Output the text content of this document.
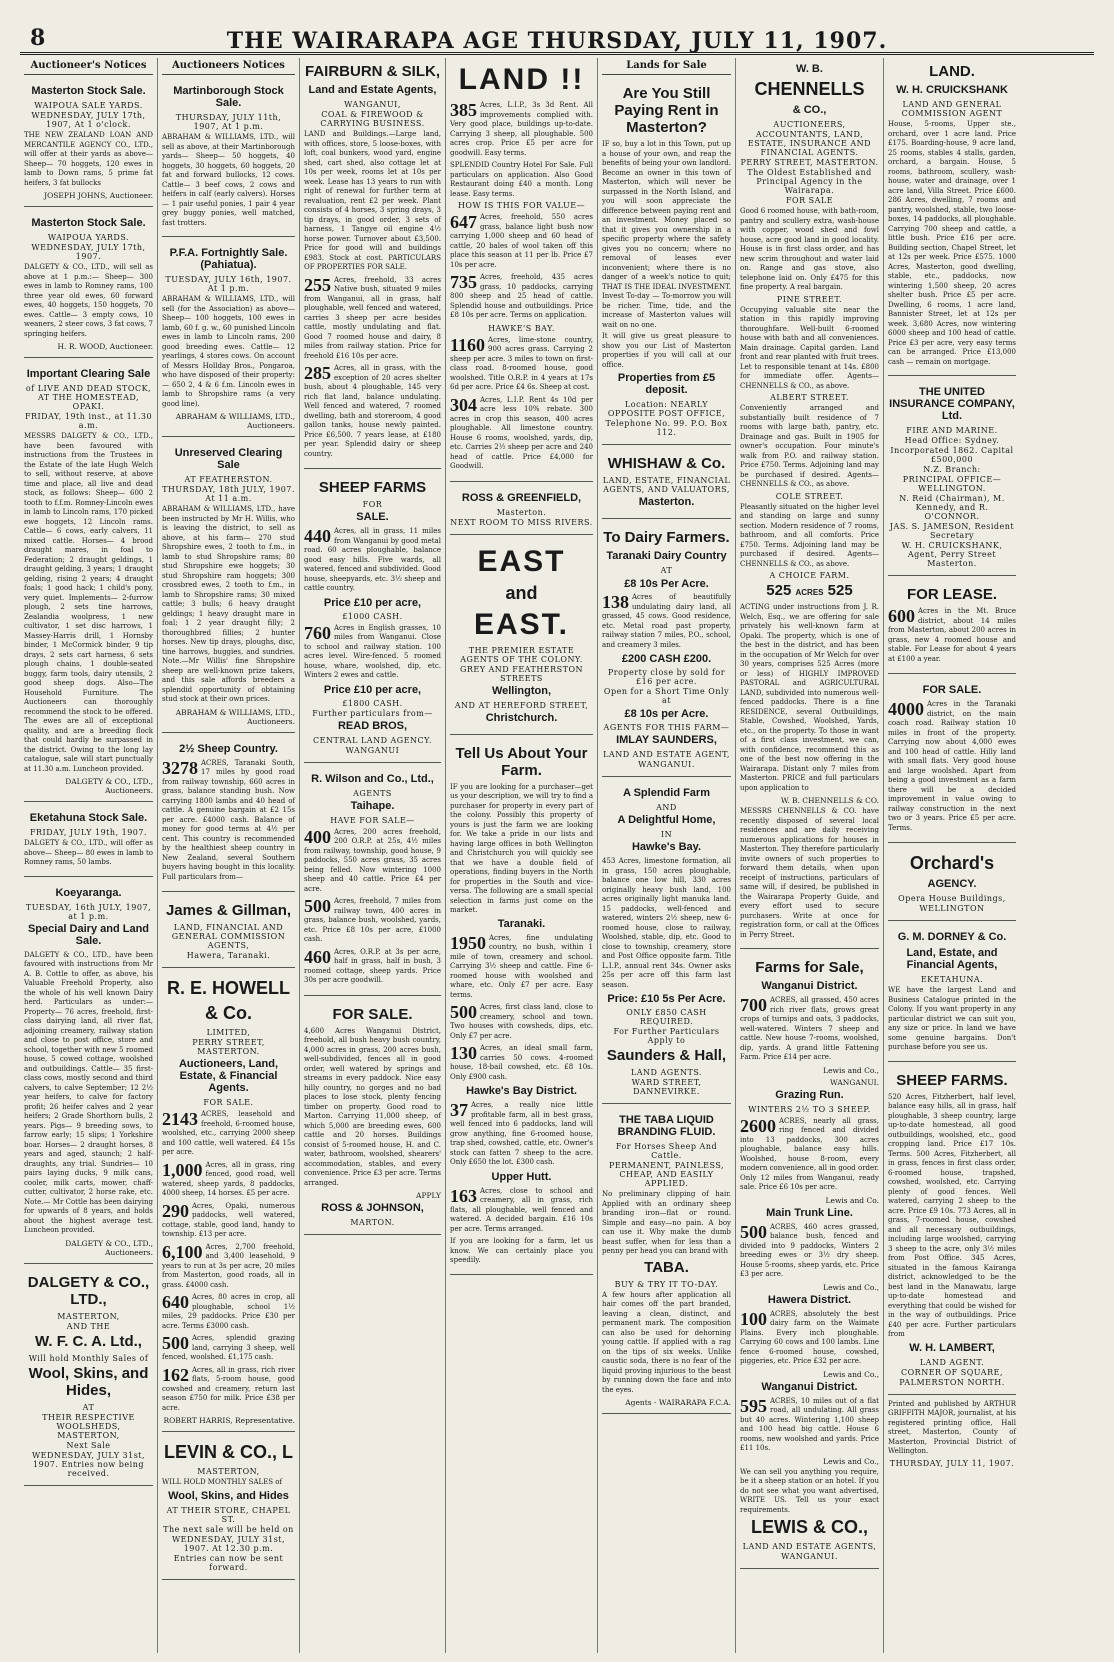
8	THE WAIRARAPA AGE THURSDAY, JULY 11, 1907.
Auctioneer's Notices
Masterton Stock Sale.
WAIPOUA SALE YARDS.
WEDNESDAY, JULY 17th, 1907, At 1 o'clock.
THE NEW ZEALAND LOAN AND MERCANTILE AGENCY CO., LTD., will offer at their yards as above— Sheep— 70 hoggets, 120 ewes in lamb to Down rams, 5 prime fat heifers, 3 fat bullocks
JOSEPH JOHNS, Auctioneer.
Masterton Stock Sale.
WAIPOUA YARDS.
WEDNESDAY, JULY 17th, 1907.
DALGETY & CO., LTD., will sell as above at 1 p.m.:— Sheep— 300 ewes in lamb to Romney rams, 100 three year old ewes, 60 forward ewes, 40 hoggets, 150 hoggets, 70 ewes. Cattle— 3 empty cows, 10 weaners, 2 steer cows, 3 fat cows, 7 springing heifers.
H. R. WOOD, Auctioneer.
Important Clearing Sale
of LIVE AND DEAD STOCK, AT THE HOMESTEAD, OPAKI.
FRIDAY, 19th inst., at 11.30 a.m.
MESSRS DALGETY & CO., LTD., have been favoured with instructions from the Trustees in the Estate of the late Hugh Welch to sell, without reserve, at above time and place, all live and dead stock, as follows: Sheep— 600 2 tooth to f.f.m. Romney-Lincoln ewes in lamb to Lincoln rams, 170 picked ewe hoggets, 12 Lincoln rams. Cattle— 6 cows, early calvers, 11 mixed cattle. Horses— 4 brood draught mares, in foal to Federation; 2 draught geldings, 1 draught gelding, 3 years; 1 draught gelding, rising 2 years; 4 draught foals; 1 good hack; 1 child's pony, very quiet. Implements— 2-furrow plough, 2 sets tine harrows, Zealandia woolpress, 1 new cultivator, 1 set disc harrows, 1 Massey-Harris drill, 1 Hornsby binder, 1 McCormick binder, 9 tip drays, 2 sets cart harness, 6 sets plough chains, 1 double-seated buggy, farm tools, dairy utensils, 2 good sheep dogs. Also—The Household Furniture. The Auctioneers can thoroughly recommend the stock to be offered. The ewes are all of exceptional quality, and are a breeding flock that could hardly be surpassed in the district. Owing to the long lay catalogue, sale will start punctually at 11.30 a.m. Luncheon provided.
DALGETY & CO., LTD., Auctioneers.
Eketahuna Stock Sale.
FRIDAY, JULY 19th, 1907.
DALGETY & CO., LTD., will offer as above— Sheep— 80 ewes in lamb to Romney rams, 50 lambs.
Koeyaranga.
TUESDAY, 16th JULY, 1907, at 1 p.m.
Special Dairy and Land Sale.
DALGETY & CO., LTD., have been favoured with instructions from Mr A. B. Cottle to offer, as above, his Valuable Freehold Property, also the whole of his well known Dairy herd. Particulars as under:— Property— 76 acres, freehold, first-class dairying land, all river flat, adjoining creamery, railway station and close to post office, store and school, together with new 5 roomed house, 5 cowed cottage, woolshed and outbuildings. Cattle— 35 first-class cows, mostly second and third calvers, to calve September; 12 2½ year heifers, to calve for factory profit; 26 heifer calves and 2 year heifers; 2 Grade Shorthorn bulls, 2 years. Pigs— 9 breeding sows, to farrow early; 15 slips; 1 Yorkshire boar. Horses— 2 draught horses, 8 years and aged, staunch; 2 half-draughts, any trial. Sundries— 10 pairs laying ducks, 9 milk cans, cooler, milk carts, mower, chaff-cutter, cultivator, 2 horse rake, etc. Note.— Mr Cottle has been dairying for upwards of 8 years, and holds about the highest average test. Luncheon provided.
DALGETY & CO., LTD., Auctioneers.
DALGETY & CO., LTD.,
MASTERTON,
AND THE
W. F. C. A. Ltd.,
Will hold Monthly Sales of
Wool, Skins, and Hides,
AT
THEIR RESPECTIVE WOOLSHEDS, MASTERTON,
Next Sale
WEDNESDAY, JULY 31st, 1907. Entries now being received.
Auctioneers Notices
Martinborough Stock Sale.
THURSDAY, JULY 11th, 1907, At 1 p.m.
ABRAHAM & WILLIAMS, LTD., will sell as above, at their Martinborough yards— Sheep— 50 hoggets, 40 hoggets, 30 hoggets, 60 hoggets, 20 fat and forward bullocks, 12 cows. Cattle— 3 beef cows, 2 cows and heifers in calf (early calvers). Horses— 1 pair useful ponies, 1 pair 4 year grey buggy ponies, well matched, fast trotters.
P.F.A. Fortnightly Sale. (Pahiatua).
TUESDAY, JULY 16th, 1907. At 1 p.m.
ABRAHAM & WILLIAMS, LTD., will sell (for the Association) as above— Sheep— 100 hoggets, 100 ewes in lamb, 60 f. g. w., 60 punished Lincoln ewes in lamb to Lincoln rams, 200 good breeding ewes. Cattle— 12 yearlings, 4 stores cows. On account of Messrs Hollday Bros., Pongaroa, who have disposed of their property:— 650 2, 4 & 6 f.m. Lincoln ewes in lamb to Shropshire rams (a very good line).
ABRAHAM & WILLIAMS, LTD., Auctioneers.
Unreserved Clearing Sale
AT FEATHERSTON.
THURSDAY, 18th JULY, 1907. At 11 a.m.
ABRAHAM & WILLIAMS, LTD., have been instructed by Mr H. Willis, who is leaving the district, to sell as above, at his farm— 270 stud Shropshire ewes, 2 tooth to f.m., in lamb to stud Shropshire rams; 80 stud Shropshire ewe hoggets; 30 stud Shropshire ram hoggets; 300 crossbred ewes, 2 tooth to f.m., in lamb to Shropshire rams; 30 mixed cattle; 3 bulls; 6 heavy draught geldings; 1 heavy draught mare in foal; 1 2 year draught filly; 2 thoroughbred fillies; 2 hunter horses. New tip drays, ploughs, disc, tine harrows, buggies, and sundries. Note.—Mr Willis' fine Shropshire sheep are well-known prize takers, and this sale affords breeders a splendid opportunity of obtaining stud stock at their own prices.
ABRAHAM & WILLIAMS, LTD., Auctioneers.
2½ Sheep Country.
3278 ACRES, Taranaki South, 17 miles by good road from railway township, 660 acres in grass, balance standing bush. Now carrying 1800 lambs and 40 head of cattle. A genuine bargain at £2 15s per acre. £4000 cash. Balance of money for good terms at 4½ per cent. This country is recommended by the healthiest sheep country in New Zealand, several Southern buyers having bought in this locality. Full particulars from—
James & Gillman,
LAND, FINANCIAL AND GENERAL COMMISSION AGENTS,
Hawera, Taranaki.
R. E. HOWELL
& Co.
LIMITED,
PERRY STREET, MASTERTON.
Auctioneers, Land, Estate, & Financial Agents.
FOR SALE.
2143 ACRES, leasehold and freehold, 6-roomed house, woolshed, etc., carrying 2000 sheep and 100 cattle, well watered. £4 15s per acre.
1,000 Acres, all in grass, ring fenced, good road, well watered, sheep yards, 8 paddocks, 4000 sheep, 14 horses. £5 per acre.
290 Acres, Opaki, numerous paddocks, well watered, cottage, stable, good land, handy to township. £13 per acre.
6,100 Acres, 2,700 freehold, and 3,400 leasehold, 9 years to run at 3s per acre, 20 miles from Masterton, good roads, all in grass. £4000 cash.
640 Acres, 80 acres in crop, all ploughable, school 1½ miles, 29 paddocks. Price £30 per acre. Terms £3000 cash.
500 Acres, splendid grazing land, carrying 3 sheep, well fenced, woolshed. £1,175 cash.
162 Acres, all in grass, rich river flats, 5-room house, good cowshed and creamery, return last season £750 for milk. Price £38 per acre.
ROBERT HARRIS, Representative.
LEVIN & CO., L
MASTERTON,
WILL HOLD MONTHLY SALES of
Wool, Skins, and Hides
AT THEIR STORE, CHAPEL ST.
The next sale will be held on
WEDNESDAY, JULY 31st, 1907. At 12.30 p.m.
Entries can now be sent forward.
FAIRBURN & SILK,
Land and Estate Agents,
WANGANUI,
COAL & FIREWOOD & CARRYING BUSINESS.
LAND and Buildings.—Large land, with offices, store, 5 loose-boxes, with loft, coal bunkers, wood yard, engine shed, cart shed, also cottage let at 10s per week, rooms let at 10s per week. Lease has 13 years to run with right of renewal for further term at revaluation, rent £2 per week. Plant consists of 4 horses, 3 spring drays, 3 tip drays, in good order, 3 sets of harness, 1 Tangye oil engine 4½ horse power. Turnover about £3,500. Price for good will and buildings £983. Stock at cost. PARTICULARS OF PROPERTIES FOR SALE.
255 Acres, freehold, 33 acres Native bush, situated 9 miles from Wanganui, all in grass, half ploughable, well fenced and watered, carries 3 sheep per acre besides cattle, mostly undulating and flat. Good 7 roomed house and dairy, 8 miles from railway station. Price for freehold £16 10s per acre.
285 Acres, all in grass, with the exception of 20 acres shelter bush, about 4 ploughable, 145 very rich flat land, balance undulating. Well fenced and watered, 7 roomed dwelling, bath and storeroom, 4 good gallon tanks, house newly painted. Price £6,500. 7 years lease, at £180 per year. Splendid dairy or sheep country.
SHEEP FARMS
FOR
SALE.
440 Acres, all in grass, 11 miles from Wanganui by good metal road. 60 acres ploughable, balance good easy hills. Five wards, all watered, fenced and subdivided. Good house, sheepyards, etc. 3½ sheep and cattle country.
Price £10 per acre,
£1000 CASH.
760 Acres in English grasses, 10 miles from Wanganui. Close to school and railway station. 100 acres level. Wire-fenced. 5 roomed house, whare, woolshed, dip, etc. Winters 2 ewes and cattle.
Price £10 per acre,
£1800 CASH.
Further particulars from—
READ BROS,
CENTRAL LAND AGENCY.
WANGANUI
R. Wilson and Co., Ltd.,
AGENTS
Taihape.
HAVE FOR SALE—
400 Acres, 200 acres freehold, 200 O.R.P. at 25s, 4½ miles from railway, township, good house, 9 paddocks, 550 acres grass, 35 acres being felled. Now wintering 1000 sheep and 40 cattle. Price £4 per acre.
500 Acres, freehold, 7 miles from railway town, 400 acres in grass, balance bush, woolshed, yards, etc. Price £8 10s per acre, £1000 cash.
460 Acres, O.R.P. at 3s per acre, half in grass, half in bush, 3 roomed cottage, sheep yards. Price 30s per acre goodwill.
FOR SALE.
4,600 Acres Wanganui District, freehold, all bush heavy bush country, 4,000 acres in grass, 200 acres bush, well-subdivided, fences all in good order, well watered by springs and streams in every paddock. Nice easy hilly country, no gorges and no bad places to lose stock, plenty fencing timber on property. Good road to Marton. Carrying 11,000 sheep, of which 5,000 are breeding ewes, 600 cattle and 20 horses. Buildings consist of 5-roomed house, H. and C. water, bathroom, woolshed, shearers' accommodation, stables, and every convenience. Price £3 per acre. Terms arranged.
APPLY
ROSS & JOHNSON,
MARTON.
LAND !!
385 Acres, L.I.P., 3s 3d Rent. All improvements complied with. Very good place, buildings up-to-date. Carrying 3 sheep, all ploughable. 500 acres crop. Price £5 per acre for goodwill. Easy terms.
SPLENDID Country Hotel For Sale. Full particulars on application. Also Good Restaurant doing £40 a month. Long lease. Easy terms.
HOW IS THIS FOR VALUE—
647 Acres, freehold, 550 acres grass, balance light bush now carrying 1,000 sheep and 60 head of cattle, 20 bales of wool taken off this place this season at 11 per lb. Price £7 10s per acre.
735 Acres, freehold, 435 acres grass, 10 paddocks, carrying 800 sheep and 25 head of cattle. Splendid house and outbuildings. Price £8 10s per acre. Terms on application.
HAWKE'S BAY.
1160 Acres, lime-stone country, 900 acres grass. Carrying 2 sheep per acre. 3 miles to town on first-class road. 8-roomed house, good woolshed. Title O.R.P. in 4 years at 17s 6d per acre. Price £4 6s. Sheep at cost.
304 Acres, L.I.P. Rent 4s 10d per acre less 10% rebate. 300 acres in crop this season, 400 acres ploughable. All limestone country. House 6 rooms, woolshed, yards, dip, etc. Carries 2½ sheep per acre and 240 head of cattle. Price £4,000 for Goodwill.
ROSS & GREENFIELD,
Masterton.
NEXT ROOM TO MISS RIVERS.
EAST
and
EAST.
THE PREMIER ESTATE AGENTS OF THE COLONY.
GREY AND FEATHERSTON STREETS
Wellington,
AND AT HEREFORD STREET,
Christchurch.
Tell Us About Your Farm.
IF you are looking for a purchaser—get us your description, we will try to find a purchaser for property in every part of the colony. Possibly this property of yours is just the farm we are looking for. We take a pride in our lists and having large offices in both Wellington and Christchurch you will quickly see that we have a double field of operations, finding buyers in the North for properties in the South and vice-versa. The following are a small special selection in farms just come on the market.
Taranaki.
1950 Acres, fine undulating country, no bush, within 1 mile of town, creamery and school. Carrying 3½ sheep and cattle. Fine 6-roomed house with woolshed and whare, etc. Only £7 per acre. Easy terms.
500 Acres, first class land, close to creamery, school and town. Two houses with cowsheds, dips, etc. Only £7 per acre.
130 Acres, an ideal small farm, carries 50 cows. 4-roomed house, 18-bail cowshed, etc. £8 10s. Only £900 cash.
Hawke's Bay District.
37 Acres, a really nice little profitable farm, all in best grass, well fenced into 6 paddocks, land will grow anything, fine 6-roomed house, trap shed, cowshed, cattle, etc. Owner's stock can fatten 7 sheep to the acre. Only £650 the lot. £300 cash.
Upper Hutt.
163 Acres, close to school and creamery, all in grass, rich flats, all ploughable, well fenced and watered. A decided bargain. £16 10s per acre. Terms arranged.
If you are looking for a farm, let us know. We can certainly place you speedily.
Lands for Sale
Are You Still Paying Rent in Masterton?
IF so, buy a lot in this Town, put up a house of your own, and reap the benefits of being your own landlord. Become an owner in this town of Masterton, which will never be surpassed in the North Island, and you will soon appreciate the difference between paying rent and an investment. Money placed so that it gives you ownership in a specific property where the safety gives you no concern; where no removal of leases ever inconvenient; where there is no danger of a week's notice to quit; THAT IS THE IDEAL INVESTMENT. Invest To-day — To-morrow you will be richer. Time, tide, and the increase of Masterton values will wait on no one.
It will give us great pleasure to show you our List of Masterton properties if you will call at our office.
Properties from £5 deposit.
Location: NEARLY OPPOSITE POST OFFICE,
Telephone No. 99. P.O. Box 112.
WHISHAW & Co.
LAND, ESTATE, FINANCIAL AGENTS, AND VALUATORS,
Masterton.
To Dairy Farmers.
Taranaki Dairy Country
AT
£8 10s Per Acre.
138 Acres of beautifully undulating dairy land, all grassed, 45 cows. Good residence, etc. Metal road past property, railway station 7 miles, P.O., school, and creamery 3 miles.
£200 CASH £200.
Property close by sold for £16 per acre.
Open for a Short Time Only at
£8 10s per Acre.
AGENTS FOR THIS FARM—
IMLAY SAUNDERS,
LAND AND ESTATE AGENT,
WANGANUI.
A Splendid Farm
AND
A Delightful Home,
IN
Hawke's Bay.
453 Acres, limestone formation, all in grass, 150 acres ploughable, balance one low hill, 330 acres originally heavy bush land, 100 acres originally light manuka land. 15 paddocks, well-fenced and watered, winters 2½ sheep, new 6-roomed house, close to railway, Woolshed, stable, dip, etc. Good to close to township, creamery, store and Post Office opposite farm. Title L.I.P., annual rent 34s. Owner asks 25s per acre off this farm last season.
Price: £10 5s Per Acre.
ONLY £850 CASH REQUIRED.
For Further Particulars Apply to
Saunders & Hall,
LAND AGENTS.
WARD STREET, DANNEVIRKE.
THE TABA LIQUID BRANDING FLUID.
For Horses Sheep And Cattle.
PERMANENT, PAINLESS, CHEAP, AND EASILY APPLIED.
No preliminary clipping of hair. Applied with an ordinary sheep branding iron—flat or round. Simple and easy—no pain. A boy can use it. Why make the dumb beast suffer, when for less than a penny per head you can brand with
TABA.
BUY & TRY IT TO-DAY.
A few hours after application all hair comes off the part branded, leaving a clean, distinct, and permanent mark. The composition can also be used for dehorning young cattle. If applied with a rag on the tips of six weeks. Unlike caustic soda, there is no fear of the liquid proving injurious to the beast by running down the face and into the eyes.
Agents - WAIRARAPA F.C.A.
W. B.
CHENNELLS
& CO.,
AUCTIONEERS,
ACCOUNTANTS, LAND, ESTATE, INSURANCE AND FINANCIAL AGENTS.
PERRY STREET, MASTERTON.
The Oldest Established and Principal Agency in the Wairarapa.
FOR SALE
Good 6 roomed house, with bath-room, pantry and scullery extra, wash-house with copper, wood shed and fowl house, acre good land in good locality. House is in first class order, and has new scrim throughout and water laid on. Range and gas stove, also telephone laid on. Only £475 for this fine property. A real bargain.
PINE STREET.
Occupying valuable site near the station in this rapidly improving thoroughfare. Well-built 6-roomed house with bath and all conveniences. Main drainage. Capital garden. Land front and rear planted with fruit trees. Let to responsible tenant at 14s. £800 for immediate offer. Agents—CHENNELLS & CO., as above.
ALBERT STREET.
Conveniently arranged and substantially built residence of 7 rooms with large bath, pantry, etc. Drainage and gas. Built in 1905 for owner's occupation. Four minute's walk from P.O. and railway station. Price £750. Terms. Adjoining land may be purchased if desired. Agents—CHENNELLS & CO., as above.
COLE STREET.
Pleasantly situated on the higher level and standing on large and sunny section. Modern residence of 7 rooms, bathroom, and all comforts. Price £750. Terms. Adjoining land may be purchased if desired. Agents—CHENNELLS & CO., as above.
A CHOICE FARM.
525 ACRES 525
ACTING under instructions from J. R. Welch, Esq., we are offering for sale privately his well-known farm at Opaki. The property, which is one of the best in the district, and has been in the occupation of Mr Welch for over 30 years, comprises 525 Acres (more or less) of HIGHLY IMPROVED PASTORAL and AGRICULTURAL LAND, subdivided into numerous well-fenced paddocks. There is a fine RESIDENCE, several Outbuildings, Stable, Cowshed, Woolshed, Yards, etc., on the property. To those in want of a first class investment, we can, with confidence, recommend this as one of the best now offering in the Wairarapa. Distant only 7 miles from Masterton. PRICE and full particulars upon application to
W. B. CHENNELLS & CO.
MESSRS CHENNELLS & CO. have recently disposed of several local residences and are daily receiving numerous applications for houses in Masterton. They therefore particularly invite owners of such properties to forward them details, when upon receipt of instructions, particulars of same will, if desired, be published in the Wairarapa Property Guide, and every effort used to secure purchasers. Write at once for registration form, or call at the Offices in Perry Street.
Farms for Sale,
Wanganui District.
700 ACRES, all grassed, 450 acres rich river flats, grows great crops of turnips and oats, 3 paddocks, well-watered. Winters 7 sheep and cattle. New house 7-rooms, woolshed, dip, yards. A grand little Fattening Farm. Price £14 per acre.
Lewis and Co.,
WANGANUI.
Grazing Run.
WINTERS 2½ TO 3 SHEEP.
2600 ACRES, nearly all grass, ring fenced and divided into 13 paddocks, 300 acres ploughable, balance easy hills. Woolshed, house 8-room, every modern convenience, all in good order. Only 12 miles from Wanganui, ready sale. Price £6 10s per acre.
Lewis and Co.
Main Trunk Line.
500 ACRES, 460 acres grassed, balance bush, fenced and divided into 9 paddocks, Winters 2 breeding ewes or 3½ dry sheep. House 5-rooms, sheep yards, etc. Price £3 per acre.
Lewis and Co.,
Hawera District.
100 ACRES, absolutely the best dairy farm on the Waimate Plains. Every inch ploughable. Carrying 60 cows and 100 lambs. Line fence 6-roomed house, cowshed, piggeries, etc. Price £32 per acre.
Lewis and Co.,
Wanganui District.
595 ACRES, 10 miles out of a flat road, all undulating. All grass but 40 acres. Wintering 1,100 sheep and 100 head big cattle. House 6 rooms, new woolshed and yards. Price £11 10s.
Lewis and Co.,
We can sell you anything you require, be it a sheep station or an hotel. If you do not see what you want advertised, WRITE US. Tell us your exact requirements.
LEWIS & CO.,
LAND AND ESTATE AGENTS,
WANGANUI.
LAND.
W. H. CRUICKSHANK
LAND AND GENERAL COMMISSION AGENT
House, 5-rooms, Upper ste., orchard, over 1 acre land. Price £175. Boarding-house, 9 acre land, 25 rooms, stables 4 stalls, garden, orchard, a bargain. House, 5 rooms, bathroom, scullery, wash-house, water and drainage, over 1 acre land, Villa Street. Price £600. 286 Acres, dwelling, 7 rooms and pantry, woolshed, stable, two loose-boxes, 14 paddocks, all ploughable. Carrying 700 sheep and cattle, a little bush. Price £16 per acre. Building section, Chapel Street, let at 12s per week. Price £575. 1000 Acres, Masterton, good dwelling, stable, etc., paddocks, now wintering 1,500 sheep, 20 acres shelter bush. Price £5 per acre. Dwelling, 6 rooms, 1 acre land, Bannister Street, let at 12s per week. 3,680 Acres, now wintering 6000 sheep and 100 head of cattle. Price £3 per acre, very easy terms can be arranged. Price £13,000 cash — remain on mortgage.
THE UNITED INSURANCE COMPANY, Ltd.
FIRE AND MARINE.
Head Office: Sydney.
Incorporated 1862. Capital £500,000
N.Z. Branch:
PRINCIPAL OFFICE—WELLINGTON.
N. Reid (Chairman), M. Kennedy, and R. O'CONNOR.
JAS. S. JAMESON, Resident Secretary
W. H. CRUICKSHANK, Agent, Perry Street Masterton.
FOR LEASE.
600 Acres in the Mt. Bruce district, about 14 miles from Masterton, about 200 acres in grass, new 4 roomed house and stable. For Lease for about 4 years at £100 a year.
FOR SALE.
4000 Acres in the Taranaki district, on the main coach road. Railway station 10 miles in front of the property. Carrying now about 4,000 ewes and 100 head of cattle. Hilly land with small flats. Very good house and large woolshed. Apart from being a good investment as a farm there will be a decided improvement in value owing to railway construction in the next two or 3 years. Price £5 per acre. Terms.
Orchard's
AGENCY.
Opera House Buildings,
WELLINGTON
G. M. DORNEY & Co.
Land, Estate, and Financial Agents,
EKETAHUNA.
WE have the largest Land and Business Catalogue printed in the Colony. If you want property in any particular district we can suit you, any size or price. In land we have some genuine bargains. Don't purchase before you see us.
SHEEP FARMS.
520 Acres, Fitzherbert, half level, balance easy hills, all in grass, half ploughable, 3 sheep country, large up-to-date homestead, all good outbuildings, woolshed, etc., good cropping land. Price £17 10s. Terms. 500 Acres, Fitzherbert, all in grass, fences in first class order, 6-roomed house, trapshed, cowshed, woolshed, etc. Carrying plenty of good fences. Well watered, carrying 2 sheep to the acre. Price £9 10s. 773 Acres, all in grass, 7-roomed house, cowshed and all necessary outbuildings, including large woolshed, carrying 3 sheep to the acre, only 3½ miles from Post Office. 345 Acres, situated in the famous Kairanga district, acknowledged to be the best land in the Manawatu, large up-to-date homestead and everything that could be wished for in the way of outbuildings. Price £40 per acre. Further particulars from
W. H. LAMBERT,
LAND AGENT.
CORNER OF SQUARE,
PALMERSTON NORTH.
Printed and published by ARTHUR GRIFFITH MAJOR, journalist, at his registered printing office, Hall street, Masterton, County of Masterton, Provincial District of Wellington.
THURSDAY, JULY 11, 1907.
